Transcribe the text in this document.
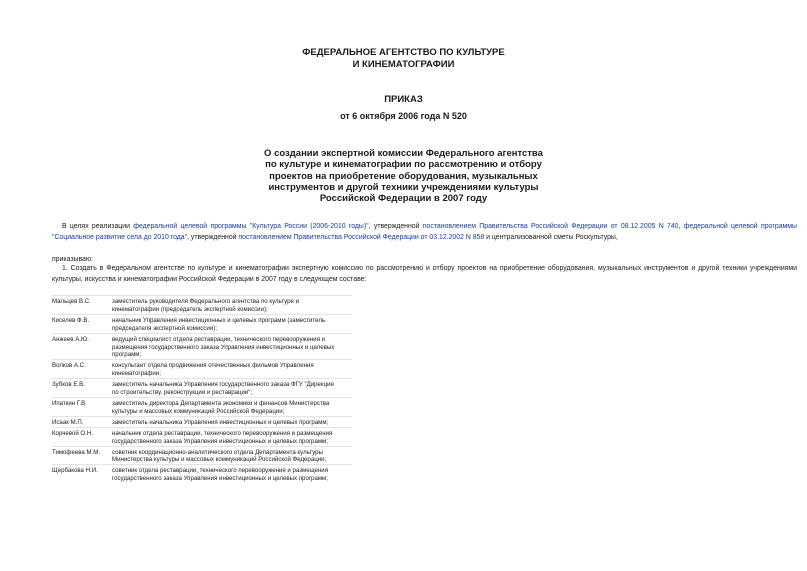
ФЕДЕРАЛЬНОЕ АГЕНТСТВО ПО КУЛЬТУРЕ
И КИНЕМАТОГРАФИИ
ПРИКАЗ
от 6 октября 2006 года N 520
О создании экспертной комиссии Федерального агентства
по культуре и кинематографии по рассмотрению и отбору
проектов на приобретение оборудования, музыкальных
инструментов и другой техники учреждениями культуры
Российской Федерации в 2007 году
В целях реализации федеральной целевой программы "Культура России (2006-2010 годы)", утвержденной постановлением Правительства Российской Федерации от 08.12.2005 N 740, федеральной целевой программы "Социальное развитие села до 2010 года", утвержденной постановлением Правительства Российской Федерации от 03.12.2002 N 858 и централизованной сметы Роскультуры,
приказываю:
1. Создать в Федеральном агентстве по культуре и кинематографии экспертную комиссию по рассмотрению и отбору проектов на приобретение оборудования, музыкальных инструментов и другой техники учреждениями культуры, искусства и кинематографии Российской Федерации в 2007 году в следующем составе:
Мальцев В.С.	заместитель руководителя Федерального агентства по культуре и кинематографии (председатель экспертной комиссии);
Киселев Ф.В.	начальник Управления инвестиционных и целевых программ (заместитель председателя экспертной комиссии);
Анжеев А.Ю.	ведущий специалист отдела реставрации, технического перевооружения и размещения государственного заказа Управления инвестиционных и целевых программ;
Волков А.С.	консультант отдела продвижения отечественных фильмов Управления кинематографии;
Зубков Е.В.	заместитель начальника Управления государственного заказа ФГУ "Дирекция по строительству, реконструкции и реставрации";
Ипаткин Г.В.	заместитель директора Департамента экономики и финансов Министерства культуры и массовых коммуникаций Российской Федерации;
Исаак М.П.	заместитель начальника Управления инвестиционных и целевых программ;
Корчевой О.Н.	начальник отдела реставрации, технического перевооружения и размещения государственного заказа Управления инвестиционных и целевых программ;
Тимофеева М.М.	советник координационно-аналитического отдела Департамента культуры Министерства культуры и массовых коммуникаций Российской Федерации;
Щербакова Н.И.	советник отдела реставрации, технического перевооружения и размещения государственного заказа Управления инвестиционных и целевых программ;
